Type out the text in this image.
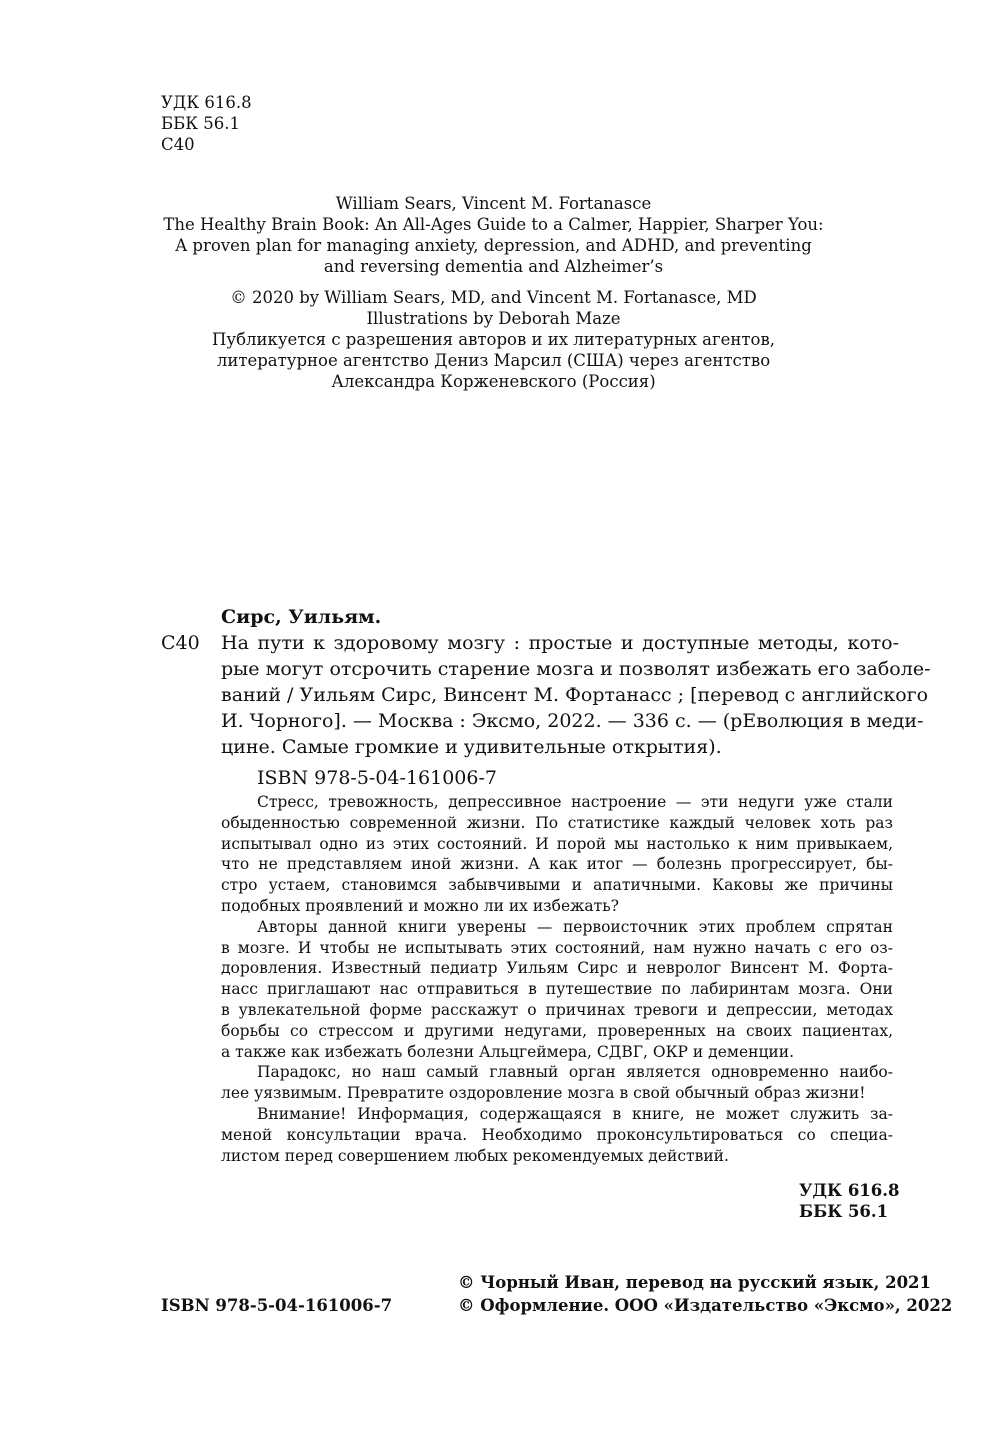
УДК 616.8
ББК 56.1
С40
William Sears, Vincent M. Fortanasce
The Healthy Brain Book: An All-Ages Guide to a Calmer, Happier, Sharper You:
A proven plan for managing anxiety, depression, and ADHD, and preventing
and reversing dementia and Alzheimer’s
© 2020 by William Sears, MD, and Vincent M. Fortanasce, MD
Illustrations by Deborah Maze
Публикуется с разрешения авторов и их литературных агентов,
литературное агентство Дениз Марсил (США) через агентство
Александра Корженевского (Россия)
Сирс, Уильям.
С40 На пути к здоровому мозгу : простые и доступные методы, кото-
рые могут отсрочить старение мозга и позволят избежать его заболе-
ваний / Уильям Сирс, Винсент М. Фортанасс ; [перевод с английского
И. Чорного]. — Москва : Эксмо, 2022. — 336 с. — (рЕволюция в меди-
цине. Самые громкие и удивительные открытия).
ISBN 978-5-04-161006-7
Стресс, тревожность, депрессивное настроение — эти недуги уже стали
обыденностью современной жизни. По статистике каждый человек хоть раз
испытывал одно из этих состояний. И порой мы настолько к ним привыкаем,
что не представляем иной жизни. А как итог — болезнь прогрессирует, бы-
стро устаем, становимся забывчивыми и апатичными. Каковы же причины
подобных проявлений и можно ли их избежать?
Авторы данной книги уверены — первоисточник этих проблем спрятан
в мозге. И чтобы не испытывать этих состояний, нам нужно начать с его оз-
доровления. Известный педиатр Уильям Сирс и невролог Винсент М. Форта-
насс приглашают нас отправиться в путешествие по лабиринтам мозга. Они
в увлекательной форме расскажут о причинах тревоги и депрессии, методах
борьбы со стрессом и другими недугами, проверенных на своих пациентах,
а также как избежать болезни Альцгеймера, СДВГ, ОКР и деменции.
Парадокс, но наш самый главный орган является одновременно наибо-
лее уязвимым. Превратите оздоровление мозга в свой обычный образ жизни!
Внимание! Информация, содержащаяся в книге, не может служить за-
меной консультации врача. Необходимо проконсультироваться со специа-
листом перед совершением любых рекомендуемых действий.
УДК 616.8
ББК 56.1
ISBN 978-5-04-161006-7
© Чорный Иван, перевод на русский язык, 2021
© Оформление. ООО «Издательство «Эксмо», 2022
